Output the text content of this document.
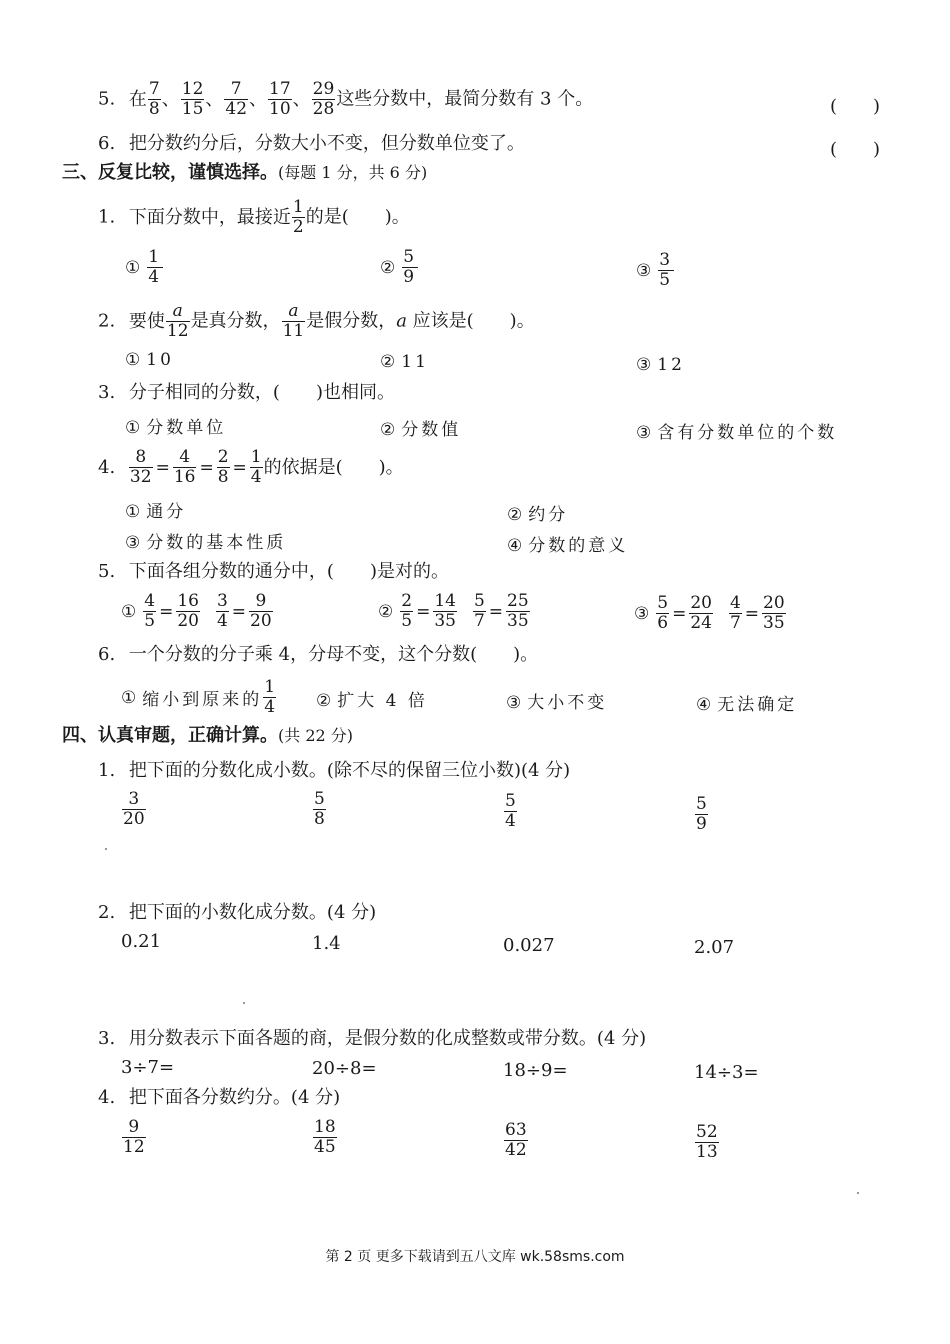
5. 在 $\frac{7}{8}$ 、 $\frac{12}{15}$ 、 $\frac{7}{42}$ 、 $\frac{17}{10}$ 、 $\frac{29}{28}$ 这些分数中，最简分数有 3 个。	(　　)
6. 把分数约分后，分数大小不变，但分数单位变了。	(　　)
三、反复比较，谨慎选择。(每题 1 分，共 6 分)
1. 下面分数中，最接近 $\frac{1}{2}$ 的是(　　)。
① $\frac{1}{4}$	② $\frac{5}{9}$	③ $\frac{3}{5}$
2. 要使 $\frac{a}{12}$ 是真分数， $\frac{a}{11}$ 是假分数，a 应该是(　　)。
① 10	② 11	③ 12
3. 分子相同的分数，(　　)也相同。
① 分数单位	② 分数值	③ 含有分数单位的个数
4. $\frac{8}{32} = \frac{4}{16} = \frac{2}{8} = \frac{1}{4}$ 的依据是(　　)。
① 通分	② 约分
③ 分数的基本性质	④ 分数的意义
5. 下面各组分数的通分中，(　　)是对的。
① $\frac{4}{5} = \frac{16}{20} \frac{3}{4} = \frac{9}{20}$	② $\frac{2}{5} = \frac{14}{35} \frac{5}{7} = \frac{25}{35}$	③ $\frac{5}{6} = \frac{20}{24} \frac{4}{7} = \frac{20}{35}$
6. 一个分数的分子乘 4，分母不变，这个分数(　　)。
① 缩小到原来的 $\frac{1}{4}$ ② 扩大 4 倍	③ 大小不变	④ 无法确定
四、认真审题，正确计算。(共 22 分)
1. 把下面的分数化成小数。(除不尽的保留三位小数)(4 分)
$\frac{3}{20}$	$\frac{5}{8}$	$\frac{5}{4}$	$\frac{5}{9}$
2. 把下面的小数化成分数。(4 分)
0.21	1.4	0.027	2.07
3. 用分数表示下面各题的商，是假分数的化成整数或带分数。(4 分)
3÷7=	20÷8=	18÷9=	14÷3=
4. 把下面各分数约分。(4 分)
$\frac{9}{12}$	$\frac{18}{45}$	$\frac{63}{42}$	$\frac{52}{13}$
第 2 页 更多下载请到五八文库 wk.58sms.com
